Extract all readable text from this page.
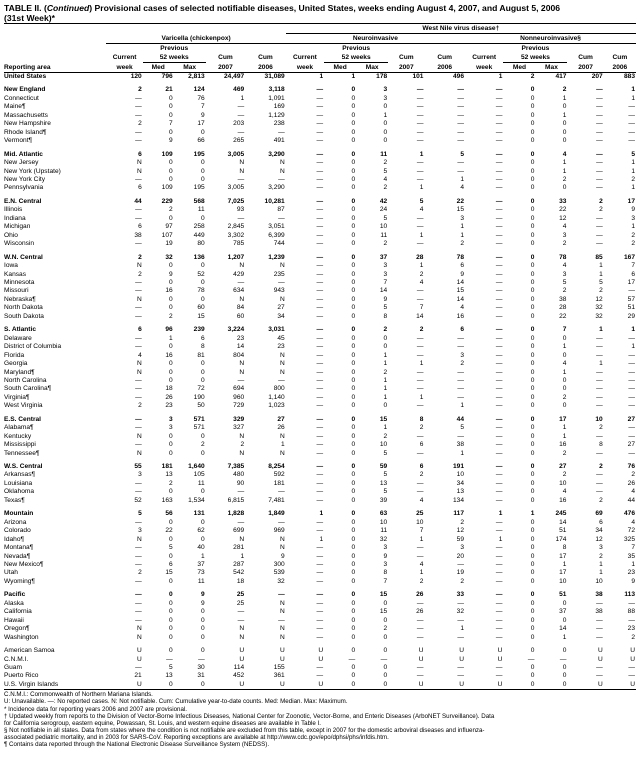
TABLE II. (Continued) Provisional cases of selected notifiable diseases, United States, weeks ending August 4, 2007, and August 5, 2006
(31st Week)*
						West Nile virus disease†									
	Varicella (chickenpox)					Neuroinvasive					Nonneuroinvasive§				
		Previous					Previous					Previous			
	Current	52 weeks		Cum	Cum	Current	52 weeks		Cum	Cum	Current	52 weeks		Cum	Cum
Reporting area	week	Med	Max	2007	2006	week	Med	Max	2007	2006	week	Med	Max	2007	2006
United States	120	796	2,813	24,497	31,089	1	1	178	101	496	1	2	417	207	883

New England	2	21	124	469	3,118	—	0	3	—	—	—	0	2	—	1
Connecticut	—	0	76	1	1,091	—	0	3	—	—	—	0	1	—	1
Maine¶	—	0	7	—	169	—	0	0	—	—	—	0	0	—	—
Massachusetts	—	0	9	—	1,129	—	0	1	—	—	—	0	1	—	—
New Hampshire	2	7	17	203	238	—	0	0	—	—	—	0	0	—	—
Rhode Island¶	—	0	0	—	—	—	0	0	—	—	—	0	0	—	—
Vermont¶	—	9	66	265	491	—	0	0	—	—	—	0	0	—	—

Mid. Atlantic	6	109	195	3,005	3,290	—	0	11	1	5	—	0	4	—	5
New Jersey	N	0	0	N	N	—	0	2	—	—	—	0	1	—	1
New York (Upstate)	N	0	0	N	N	—	0	5	—	—	—	0	1	—	1
New York City	—	0	0	—	—	—	0	4	—	1	—	0	2	—	2
Pennsylvania	6	109	195	3,005	3,290	—	0	2	1	4	—	0	0	—	1

E.N. Central	44	229	568	7,025	10,281	—	0	42	5	22	—	0	33	2	17
Illinois	—	2	11	93	87	—	0	24	4	15	—	0	22	2	9
Indiana	—	0	0	—	—	—	0	5	—	3	—	0	12	—	3
Michigan	6	97	258	2,845	3,051	—	0	10	—	1	—	0	4	—	1
Ohio	38	107	449	3,302	6,399	—	0	11	1	1	—	0	3	—	2
Wisconsin	—	19	80	785	744	—	0	2	—	2	—	0	2	—	2

W.N. Central	2	32	136	1,207	1,239	—	0	37	28	78	—	0	78	85	167
Iowa	N	0	0	N	N	—	0	3	1	6	—	0	4	1	7
Kansas	2	9	52	429	235	—	0	3	2	9	—	0	3	1	6
Minnesota	—	0	0	—	—	—	0	7	4	14	—	0	5	5	17
Missouri	—	16	78	634	943	—	0	14	—	15	—	0	2	2	—
Nebraska¶	N	0	0	N	N	—	0	9	—	14	—	0	38	12	57
North Dakota	—	0	60	84	27	—	0	5	7	4	—	0	28	32	51
South Dakota	—	2	15	60	34	—	0	8	14	16	—	0	22	32	29

S. Atlantic	6	96	239	3,224	3,031	—	0	2	2	6	—	0	7	1	1
Delaware	—	1	6	23	45	—	0	0	—	—	—	0	0	—	—
District of Columbia	—	0	8	14	23	—	0	0	—	—	—	0	1	—	1
Florida	4	16	81	804	N	—	0	1	—	3	—	0	0	—	—
Georgia	N	0	0	N	N	—	0	1	1	2	—	0	4	1	—
Maryland¶	N	0	0	N	N	—	0	2	—	—	—	0	1	—	—
North Carolina	—	0	0	—	—	—	0	1	—	—	—	0	0	—	—
South Carolina¶	—	18	72	694	800	—	0	1	—	—	—	0	0	—	—
Virginia¶	—	26	190	960	1,140	—	0	1	1	—	—	0	2	—	—
West Virginia	2	23	50	729	1,023	—	0	0	—	1	—	0	0	—	—

E.S. Central	—	3	571	329	27	—	0	15	8	44	—	0	17	10	27
Alabama¶	—	3	571	327	26	—	0	1	2	5	—	0	1	2	—
Kentucky	N	0	0	N	N	—	0	2	—	—	—	0	1	—	—
Mississippi	—	0	2	2	1	—	0	10	6	38	—	0	16	8	27
Tennessee¶	N	0	0	N	N	—	0	5	—	1	—	0	2	—	—

W.S. Central	55	181	1,640	7,385	8,254	—	0	59	6	191	—	0	27	2	76
Arkansas¶	3	13	105	480	592	—	0	5	2	10	—	0	2	—	2
Louisiana	—	2	11	90	181	—	0	13	—	34	—	0	10	—	26
Oklahoma	—	0	0	—	—	—	0	5	—	13	—	0	4	—	4
Texas¶	52	163	1,534	6,815	7,481	—	0	39	4	134	—	0	16	2	44

Mountain	5	56	131	1,828	1,849	1	0	63	25	117	1	1	245	69	476
Arizona	—	0	0	—	—	—	0	10	10	2	—	0	14	6	4
Colorado	3	22	62	699	969	—	0	11	7	12	—	0	51	34	72
Idaho¶	N	0	0	N	N	1	0	32	1	59	1	0	174	12	325
Montana¶	—	5	40	281	N	—	0	3	—	3	—	0	8	3	7
Nevada¶	—	0	1	1	9	—	0	9	—	20	—	0	17	2	35
New Mexico¶	—	6	37	287	300	—	0	3	4	—	—	0	1	1	1
Utah	2	15	73	542	539	—	0	8	1	19	—	0	17	1	23
Wyoming¶	—	0	11	18	32	—	0	7	2	2	—	0	10	10	9

Pacific	—	0	9	25	—	—	0	15	26	33	—	0	51	38	113
Alaska	—	0	9	25	N	—	0	0	—	—	—	0	0	—	—
California	—	0	0	—	N	—	0	15	26	32	—	0	37	38	88
Hawaii	—	0	0	—	—	—	0	0	—	—	—	0	0	—	—
Oregon¶	N	0	0	N	N	—	0	2	—	1	—	0	14	—	23
Washington	N	0	0	N	N	—	0	0	—	—	—	0	1	—	2

American Samoa	U	0	0	U	U	U	0	0	U	U	U	0	0	U	U
C.N.M.I.	U	—	—	U	U	U	—	—	U	U	U	—	—	U	U
Guam	—	5	30	114	155	—	0	0	—	—	—	0	0	—	—
Puerto Rico	21	13	31	452	361	—	0	0	—	—	—	0	0	—	—
U.S. Virgin Islands	U	0	0	U	U	U	0	0	U	U	U	0	0	U	U
C.N.M.I.: Commonwealth of Northern Mariana Islands.
U: Unavailable. —: No reported cases. N: Not notifiable. Cum: Cumulative year-to-date counts. Med: Median. Max: Maximum.
* Incidence data for reporting years 2006 and 2007 are provisional.
† Updated weekly from reports to the Division of Vector-Borne Infectious Diseases, National Center for Zoonotic, Vector-Borne, and Enteric Diseases (ArboNET Surveillance). Data
for California serogroup, eastern equine, Powassan, St. Louis, and western equine diseases are available in Table I.
§ Not notifiable in all states. Data from states where the condition is not notifiable are excluded from this table, except in 2007 for the domestic arboviral diseases and influenza-
associated pediatric mortality, and in 2003 for SARS-CoV. Reporting exceptions are available at http://www.cdc.gov/epo/dphsi/phs/infdis.htm.
¶ Contains data reported through the National Electronic Disease Surveillance System (NEDSS).
